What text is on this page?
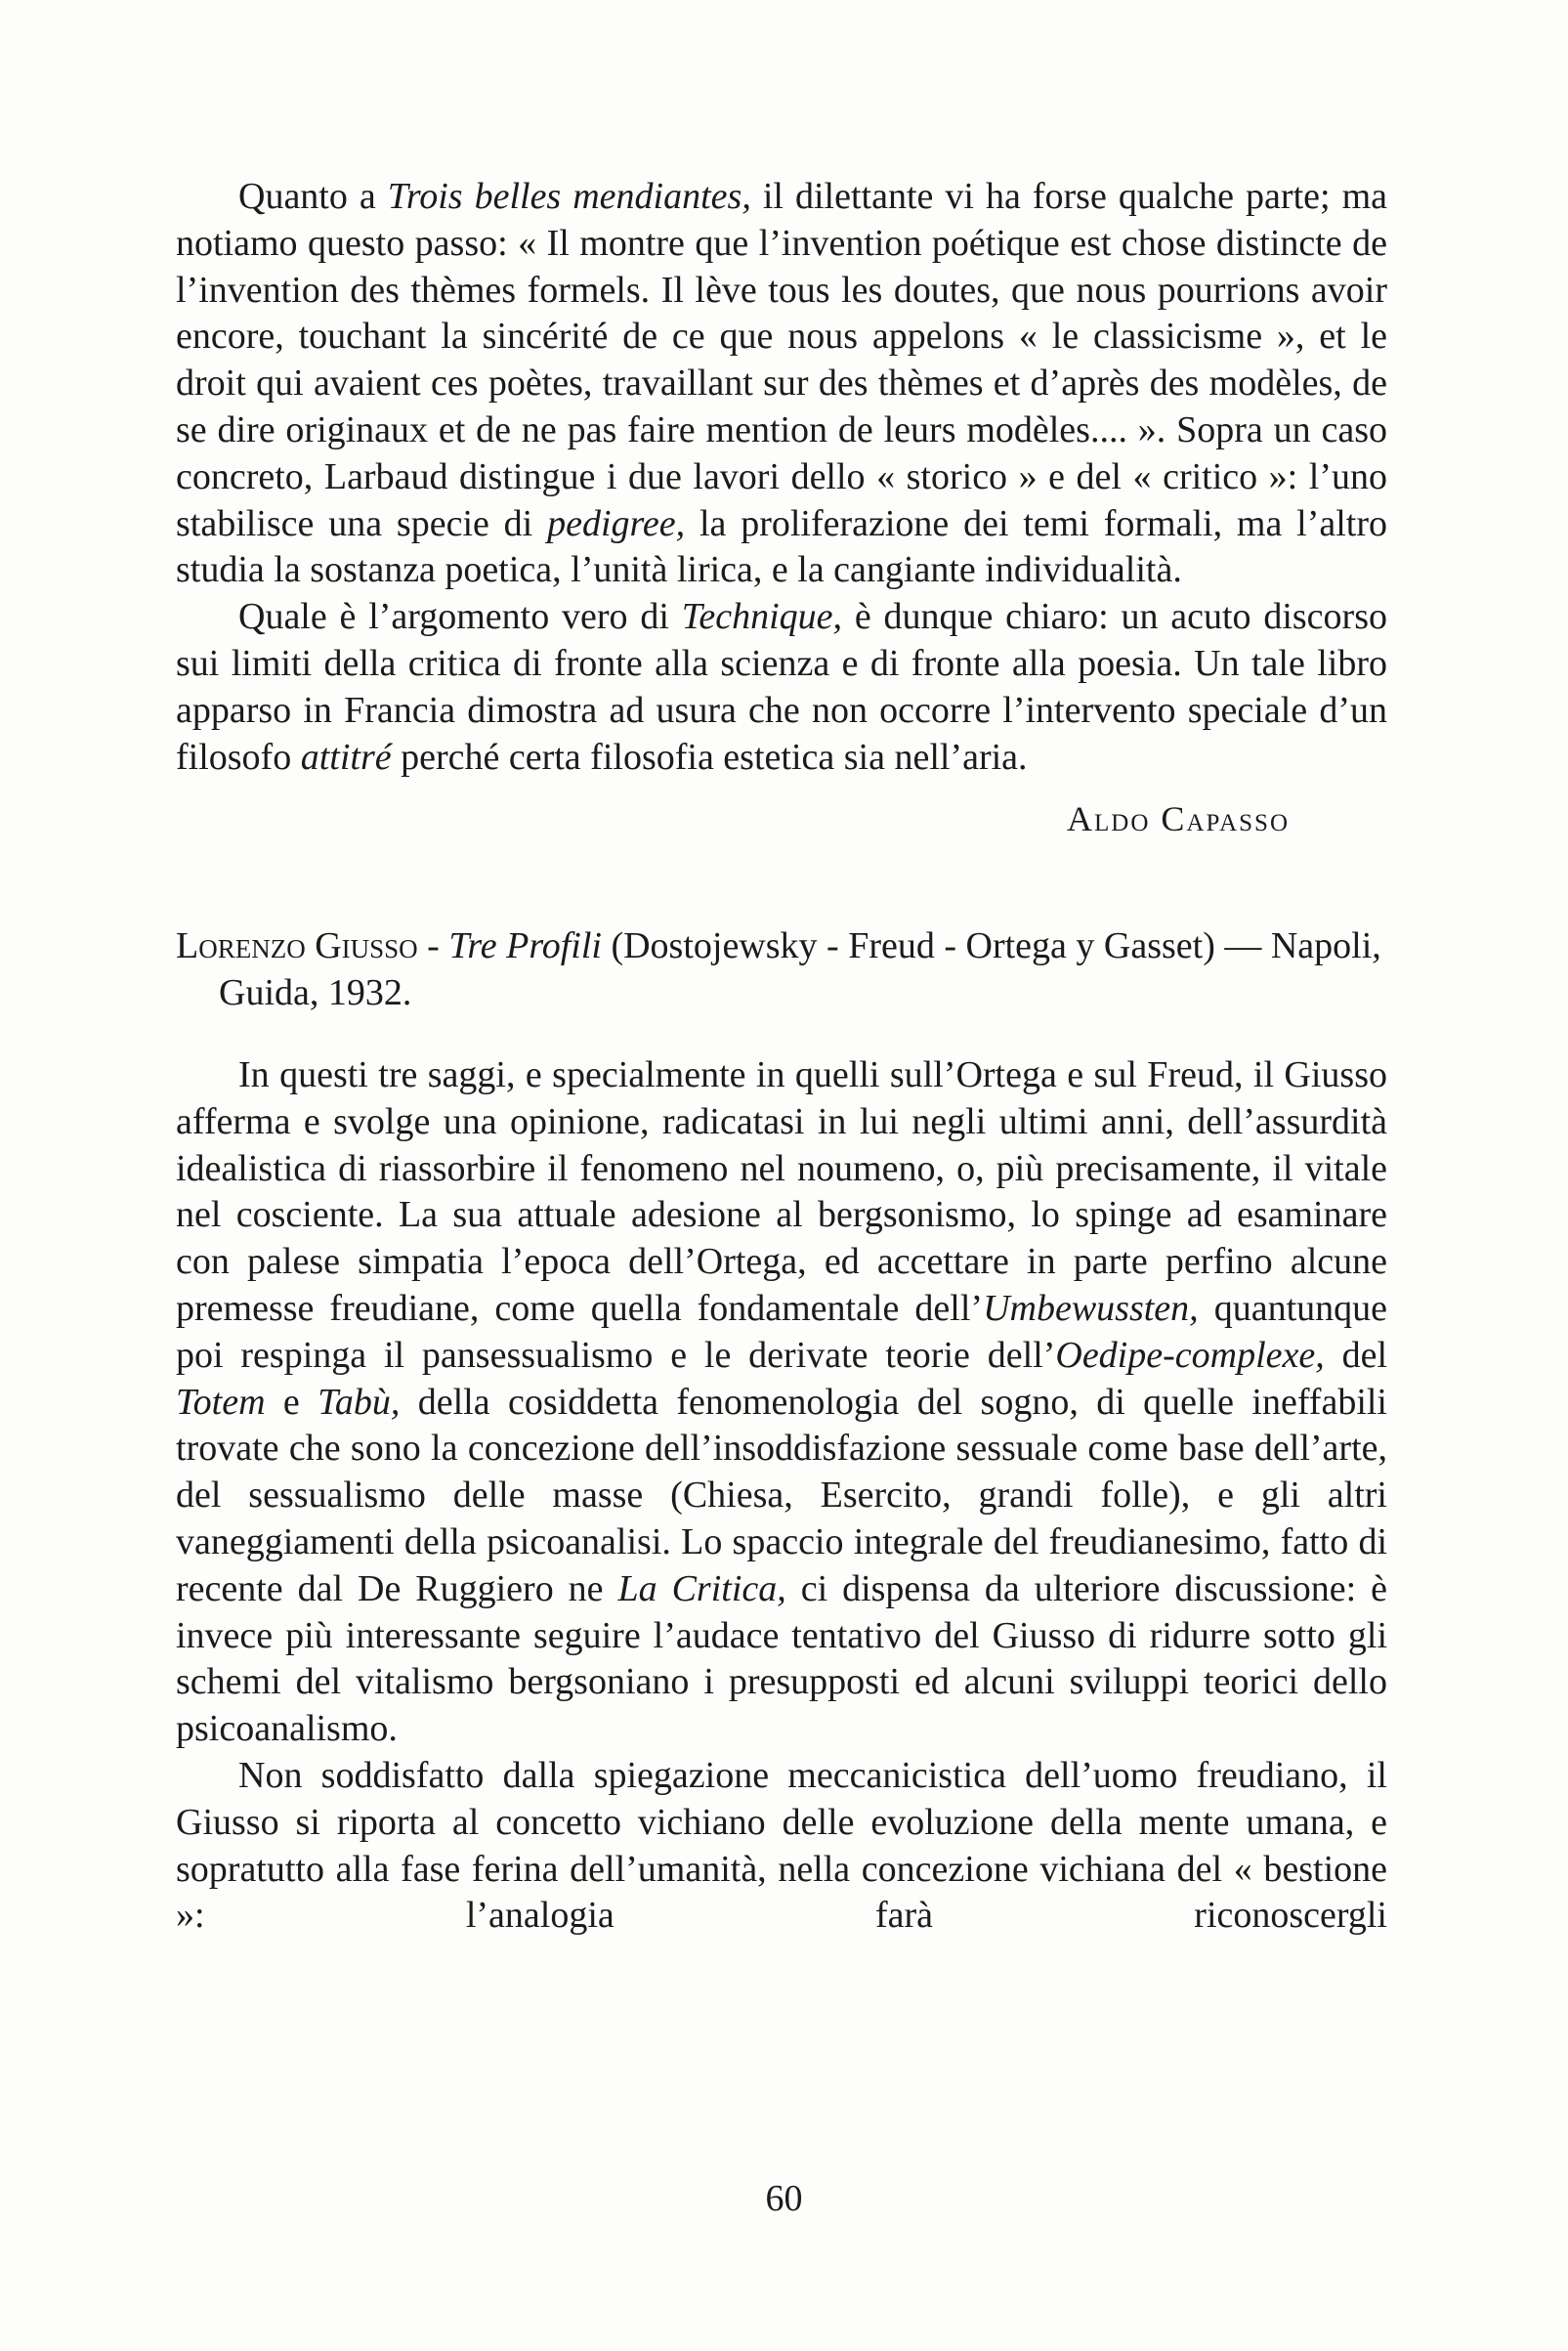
Quanto a Trois belles mendiantes, il dilettante vi ha forse qualche parte; ma notiamo questo passo: « Il montre que l’invention poétique est chose distincte de l’invention des thèmes formels. Il lève tous les doutes, que nous pourrions avoir encore, touchant la sincérité de ce que nous appelons « le classicisme », et le droit qui avaient ces poètes, travaillant sur des thèmes et d’après des modèles, de se dire originaux et de ne pas faire mention de leurs modèles.... ». Sopra un caso concreto, Larbaud distingue i due lavori dello « storico » e del « critico »: l’uno stabilisce una specie di pedigree, la proliferazione dei temi formali, ma l’altro studia la sostanza poetica, l’unità lirica, e la cangiante individualità.

Quale è l’argomento vero di Technique, è dunque chiaro: un acuto discorso sui limiti della critica di fronte alla scienza e di fronte alla poesia. Un tale libro apparso in Francia dimostra ad usura che non occorre l’intervento speciale d’un filosofo attitré perché certa filosofia estetica sia nell’aria.

Aldo Capasso
Lorenzo Giusso - Tre Profili (Dostojewsky - Freud - Ortega y Gasset) — Napoli, Guida, 1932.

In questi tre saggi, e specialmente in quelli sull’Ortega e sul Freud, il Giusso afferma e svolge una opinione, radicatasi in lui negli ultimi anni, dell’assurdità idealistica di riassorbire il fenomeno nel noumeno, o, più precisamente, il vitale nel cosciente. La sua attuale adesione al bergsonismo, lo spinge ad esaminare con palese simpatia l’epoca dell’Ortega, ed accettare in parte perfino alcune premesse freudiane, come quella fondamentale dell’Umbewussten, quantunque poi respinga il pansessualismo e le derivate teorie dell’Oedipe-complexe, del Totem e Tabù, della cosiddetta fenomenologia del sogno, di quelle ineffabili trovate che sono la concezione dell’insoddisfazione sessuale come base dell’arte, del sessualismo delle masse (Chiesa, Esercito, grandi folle), e gli altri vaneggiamenti della psicoanalisi. Lo spaccio integrale del freudianesimo, fatto di recente dal De Ruggiero ne La Critica, ci dispensa da ulteriore discussione: è invece più interessante seguire l’audace tentativo del Giusso di ridurre sotto gli schemi del vitalismo bergsoniano i presupposti ed alcuni sviluppi teorici dello psicoanalismo.

Non soddisfatto dalla spiegazione meccanicistica dell’uomo freudiano, il Giusso si riporta al concetto vichiano delle evoluzione della mente umana, e sopratutto alla fase ferina dell’umanità, nella concezione vichiana del « bestione »: l’analogia farà riconoscergli

60
